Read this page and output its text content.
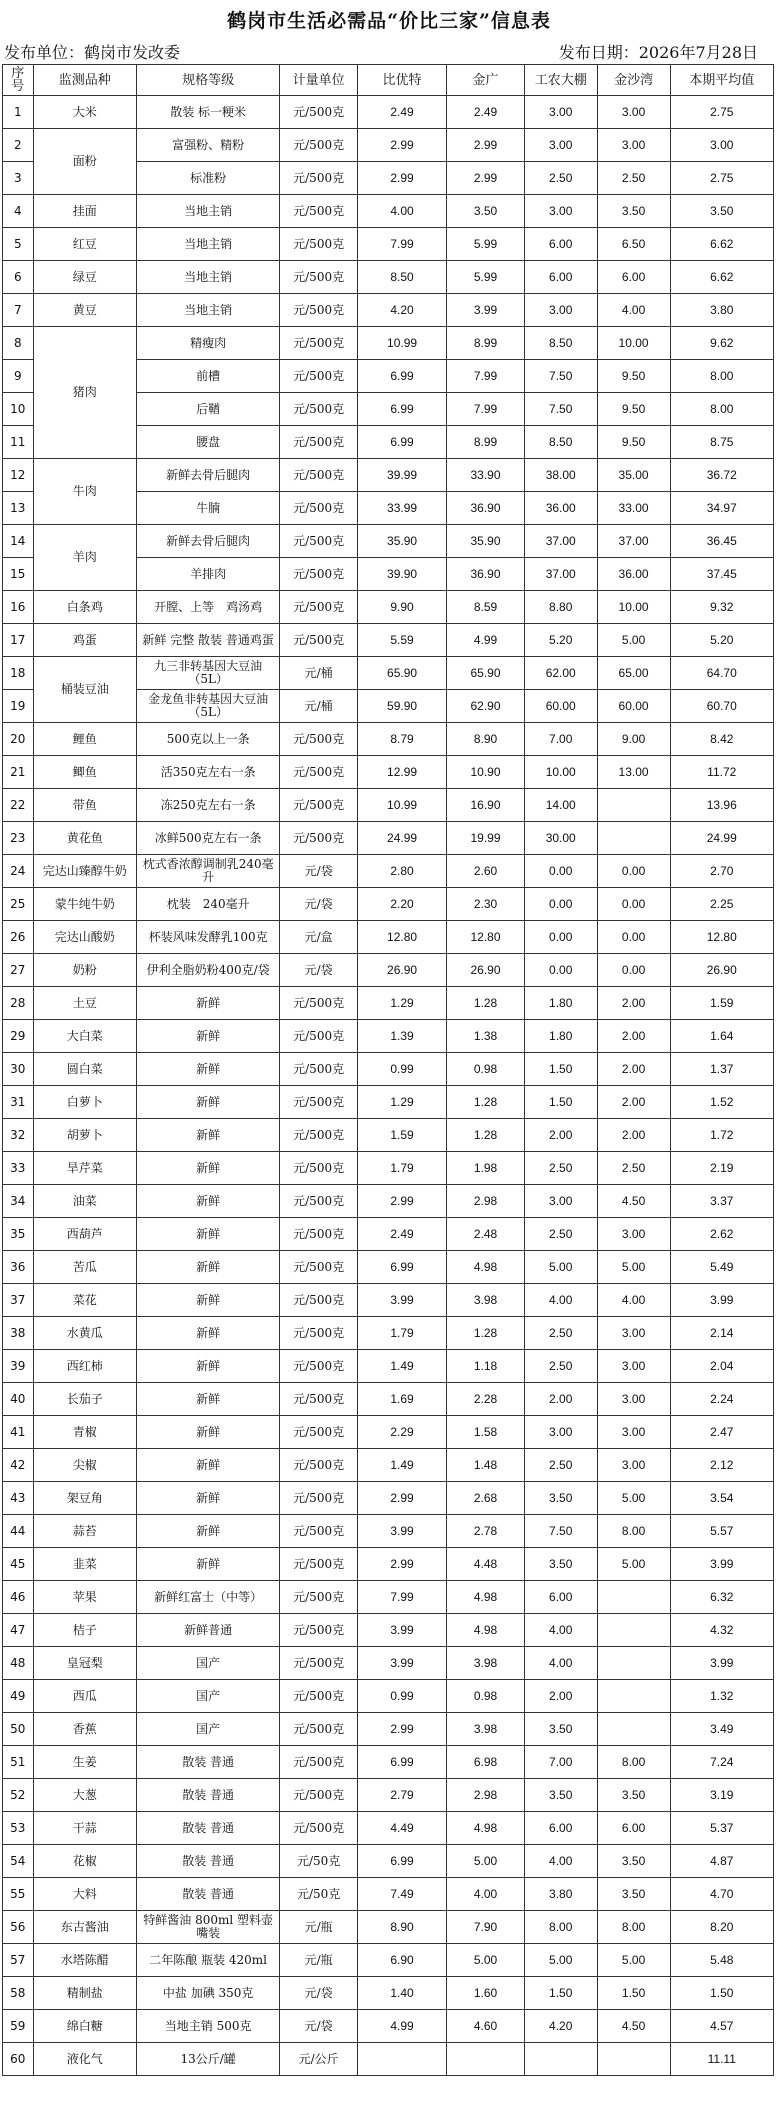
鹤岗市生活必需品“价比三家”信息表
发布单位：鹤岗市发改委	发布日期：2026年7月28日
序号	监测品种	规格等级	计量单位	比优特	金广	工农大棚	金沙湾	本期平均值
1	大米	散装 标一粳米	元/500克	2.49	2.49	3.00	3.00	2.75
2	面粉	富强粉、精粉	元/500克	2.99	2.99	3.00	3.00	3.00
3		标准粉	元/500克	2.99	2.99	2.50	2.50	2.75
4	挂面	当地主销	元/500克	4.00	3.50	3.00	3.50	3.50
5	红豆	当地主销	元/500克	7.99	5.99	6.00	6.50	6.62
6	绿豆	当地主销	元/500克	8.50	5.99	6.00	6.00	6.62
7	黄豆	当地主销	元/500克	4.20	3.99	3.00	4.00	3.80
8	猪肉	精瘦肉	元/500克	10.99	8.99	8.50	10.00	9.62
9		前槽	元/500克	6.99	7.99	7.50	9.50	8.00
10		后鞧	元/500克	6.99	7.99	7.50	9.50	8.00
11		腰盘	元/500克	6.99	8.99	8.50	9.50	8.75
12	牛肉	新鲜去骨后腿肉	元/500克	39.99	33.90	38.00	35.00	36.72
13		牛腩	元/500克	33.99	36.90	36.00	33.00	34.97
14	羊肉	新鲜去骨后腿肉	元/500克	35.90	35.90	37.00	37.00	36.45
15		羊排肉	元/500克	39.90	36.90	37.00	36.00	37.45
16	白条鸡	开膛、上等　鸡汤鸡	元/500克	9.90	8.59	8.80	10.00	9.32
17	鸡蛋	新鲜 完整 散装 普通鸡蛋	元/500克	5.59	4.99	5.20	5.00	5.20
18	桶装豆油	九三非转基因大豆油（5L）	元/桶	65.90	65.90	62.00	65.00	64.70
19		金龙鱼非转基因大豆油（5L）	元/桶	59.90	62.90	60.00	60.00	60.70
20	鲤鱼	500克以上一条	元/500克	8.79	8.90	7.00	9.00	8.42
21	鲫鱼	活350克左右一条	元/500克	12.99	10.90	10.00	13.00	11.72
22	带鱼	冻250克左右一条	元/500克	10.99	16.90	14.00		13.96
23	黄花鱼	冰鲜500克左右一条	元/500克	24.99	19.99	30.00		24.99
24	完达山臻醇牛奶	枕式香浓醇调制乳240毫升	元/袋	2.80	2.60	0.00	0.00	2.70
25	蒙牛纯牛奶	枕装　240毫升	元/袋	2.20	2.30	0.00	0.00	2.25
26	完达山酸奶	杯装风味发酵乳100克	元/盒	12.80	12.80	0.00	0.00	12.80
27	奶粉	伊利全脂奶粉400克/袋	元/袋	26.90	26.90	0.00	0.00	26.90
28	土豆	新鲜	元/500克	1.29	1.28	1.80	2.00	1.59
29	大白菜	新鲜	元/500克	1.39	1.38	1.80	2.00	1.64
30	圆白菜	新鲜	元/500克	0.99	0.98	1.50	2.00	1.37
31	白萝卜	新鲜	元/500克	1.29	1.28	1.50	2.00	1.52
32	胡萝卜	新鲜	元/500克	1.59	1.28	2.00	2.00	1.72
33	旱芹菜	新鲜	元/500克	1.79	1.98	2.50	2.50	2.19
34	油菜	新鲜	元/500克	2.99	2.98	3.00	4.50	3.37
35	西葫芦	新鲜	元/500克	2.49	2.48	2.50	3.00	2.62
36	苦瓜	新鲜	元/500克	6.99	4.98	5.00	5.00	5.49
37	菜花	新鲜	元/500克	3.99	3.98	4.00	4.00	3.99
38	水黄瓜	新鲜	元/500克	1.79	1.28	2.50	3.00	2.14
39	西红柿	新鲜	元/500克	1.49	1.18	2.50	3.00	2.04
40	长茄子	新鲜	元/500克	1.69	2.28	2.00	3.00	2.24
41	青椒	新鲜	元/500克	2.29	1.58	3.00	3.00	2.47
42	尖椒	新鲜	元/500克	1.49	1.48	2.50	3.00	2.12
43	架豆角	新鲜	元/500克	2.99	2.68	3.50	5.00	3.54
44	蒜苔	新鲜	元/500克	3.99	2.78	7.50	8.00	5.57
45	韭菜	新鲜	元/500克	2.99	4.48	3.50	5.00	3.99
46	苹果	新鲜红富士（中等）	元/500克	7.99	4.98	6.00		6.32
47	桔子	新鲜普通	元/500克	3.99	4.98	4.00		4.32
48	皇冠梨	国产	元/500克	3.99	3.98	4.00		3.99
49	西瓜	国产	元/500克	0.99	0.98	2.00		1.32
50	香蕉	国产	元/500克	2.99	3.98	3.50		3.49
51	生姜	散装 普通	元/500克	6.99	6.98	7.00	8.00	7.24
52	大葱	散装 普通	元/500克	2.79	2.98	3.50	3.50	3.19
53	干蒜	散装 普通	元/500克	4.49	4.98	6.00	6.00	5.37
54	花椒	散装 普通	元/50克	6.99	5.00	4.00	3.50	4.87
55	大料	散装 普通	元/50克	7.49	4.00	3.80	3.50	4.70
56	东古酱油	特鲜酱油 800ml 塑料壶嘴装	元/瓶	8.90	7.90	8.00	8.00	8.20
57	水塔陈醋	二年陈酿 瓶装 420ml	元/瓶	6.90	5.00	5.00	5.00	5.48
58	精制盐	中盐 加碘 350克	元/袋	1.40	1.60	1.50	1.50	1.50
59	绵白糖	当地主销 500克	元/袋	4.99	4.60	4.20	4.50	4.57
60	液化气	13公斤/罐	元/公斤					11.11
